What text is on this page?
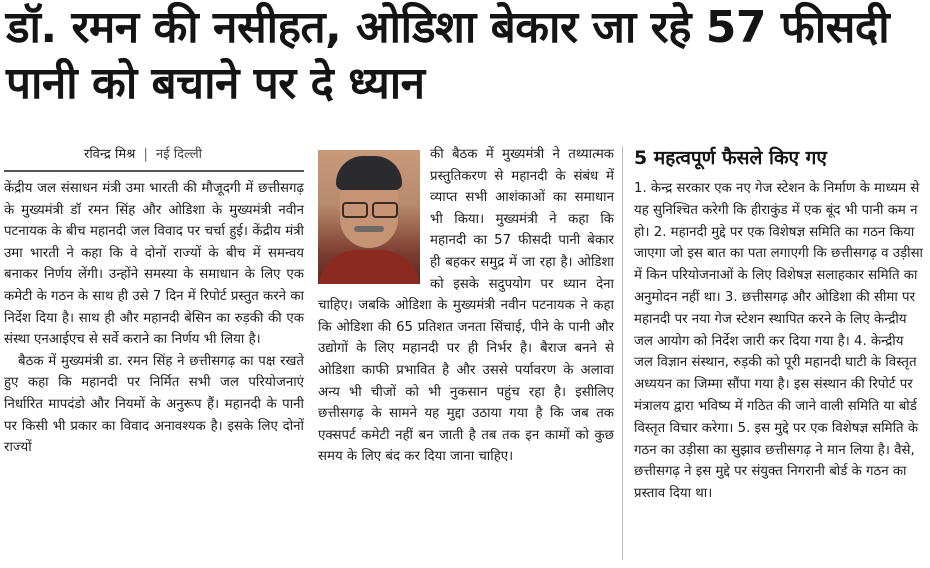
डॉ. रमन की नसीहत, ओडिशा बेकार जा रहे 57 फीसदी पानी को बचाने पर दे ध्यान
रविन्द्र मिश्र | नई दिल्ली

केंद्रीय जल संसाधन मंत्री उमा भारती की मौजूदगी में छत्तीसगढ़ के मुख्यमंत्री डॉ रमन सिंह और ओडिशा के मुख्यमंत्री नवीन पटनायक के बीच महानदी जल विवाद पर चर्चा हुई। केंद्रीय मंत्री उमा भारती ने कहा कि वे दोनों राज्यों के बीच में समन्वय बनाकर निर्णय लेंगी। उन्होंने समस्या के समाधान के लिए एक कमेटी के गठन के साथ ही उसे 7 दिन में रिपोर्ट प्रस्तुत करने का निर्देश दिया है। साथ ही और महानदी बेसिन का रुड़की की एक संस्था एनआईएच से सर्वे कराने का निर्णय भी लिया है।

बैठक में मुख्यमंत्री डा. रमन सिंह ने छत्तीसगढ़ का पक्ष रखते हुए कहा कि महानदी पर निर्मित सभी जल परियोजनाएं निर्धारित मापदंडो और नियमों के अनुरूप हैं। महानदी के पानी पर किसी भी प्रकार का विवाद अनावश्यक है। इसके लिए दोनों राज्यों

की बैठक में मुख्यमंत्री ने तथ्यात्मक प्रस्तुतिकरण से महानदी के संबंध में व्याप्त सभी आशंकाओं का समाधान भी किया। मुख्यमंत्री ने कहा कि महानदी का 57 फीसदी पानी बेकार ही बहकर समुद्र में जा रहा है। ओडिशा को इसके सदुपयोग पर ध्यान देना चाहिए। जबकि ओडिशा के मुख्यमंत्री नवीन पटनायक ने कहा कि ओडिशा की 65 प्रतिशत जनता सिंचाई, पीने के पानी और उद्योगों के लिए महानदी पर ही निर्भर है। बैराज बनने से ओडिशा काफी प्रभावित है और उससे पर्यावरण के अलावा अन्य भी चीजों को भी नुकसान पहुंच रहा है। इसीलिए छत्तीसगढ़ के सामने यह मुद्दा उठाया गया है कि जब तक एक्सपर्ट कमेटी नहीं बन जाती है तब तक इन कामों को कुछ समय के लिए बंद कर दिया जाना चाहिए।

5 महत्वपूर्ण फैसले किए गए
1. केन्द्र सरकार एक नए गेज स्टेशन के निर्माण के माध्यम से यह सुनिश्चित करेगी कि हीराकुंड में एक बूंद भी पानी कम न हो। 2. महानदी मुद्दे पर एक विशेषज्ञ समिति का गठन किया जाएगा जो इस बात का पता लगाएगी कि छत्तीसगढ़ व उड़ीसा में किन परियोजनाओं के लिए विशेषज्ञ सलाहकार समिति का अनुमोदन नहीं था। 3. छत्तीसगढ़ और ओडिशा की सीमा पर महानदी पर नया गेज स्टेशन स्थापित करने के लिए केन्द्रीय जल आयोग को निर्देश जारी कर दिया गया है। 4. केन्द्रीय जल विज्ञान संस्थान, रुड़की को पूरी महानदी घाटी के विस्तृत अध्ययन का जिम्मा सौंपा गया है। इस संस्थान की रिपोर्ट पर मंत्रालय द्वारा भविष्य में गठित की जाने वाली समिति या बोर्ड विस्तृत विचार करेगा। 5. इस मुद्दे पर एक विशेषज्ञ समिति के गठन का उड़ीसा का सुझाव छत्तीसगढ़ ने मान लिया है। वैसे, छत्तीसगढ़ ने इस मुद्दे पर संयुक्त निगरानी बोर्ड के गठन का प्रस्ताव दिया था।
